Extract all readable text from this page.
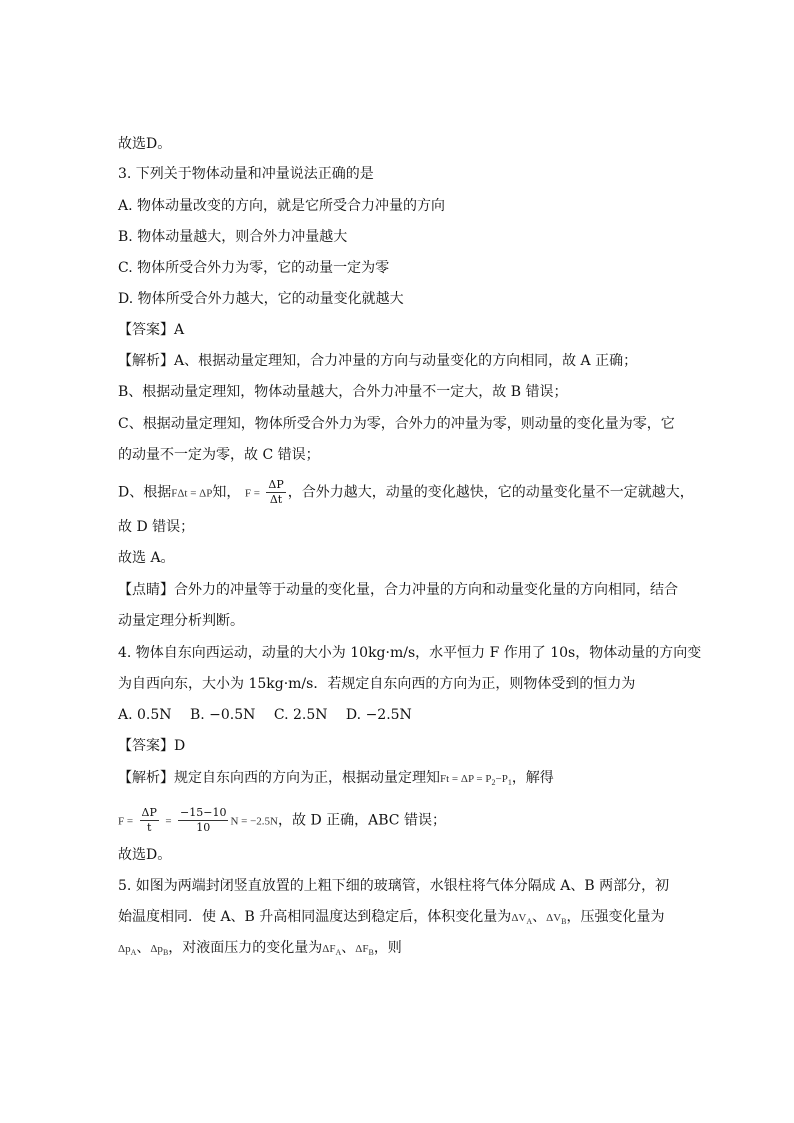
故选D。
3. 下列关于物体动量和冲量说法正确的是
A. 物体动量改变的方向，就是它所受合力冲量的方向
B. 物体动量越大，则合外力冲量越大
C. 物体所受合外力为零，它的动量一定为零
D. 物体所受合外力越大，它的动量变化就越大
【答案】A
【解析】A、根据动量定理知，合力冲量的方向与动量变化的方向相同，故 A 正确；
B、根据动量定理知，物体动量越大，合外力冲量不一定大，故 B 错误；
C、根据动量定理知，物体所受合外力为零，合外力的冲量为零，则动量的变化量为零，它
的动量不一定为零，故 C 错误；
D、根据FΔt = ΔP知， $F = \frac{\Delta P}{\Delta t}$ ，合外力越大，动量的变化越快，它的动量变化量不一定就越大，
故 D 错误；
故选 A。
【点睛】合外力的冲量等于动量的变化量，合力冲量的方向和动量变化量的方向相同，结合
动量定理分析判断。
4. 物体自东向西运动，动量的大小为 10kg·m/s，水平恒力 F 作用了 10s，物体动量的方向变
为自西向东，大小为 15kg·m/s．若规定自东向西的方向为正，则物体受到的恒力为
A. 0.5N　 B. −0.5N　 C. 2.5N　 D. −2.5N
【答案】D
【解析】规定自东向西的方向为正，根据动量定理知$Ft = \Delta P = P_2-P_1$，解得
$F = \frac{\Delta P}{t} = \frac{-15-10}{10}$ N = −2.5N，故 D 正确，ABC 错误；
故选D。
5. 如图为两端封闭竖直放置的上粗下细的玻璃管，水银柱将气体分隔成 A、B 两部分，初
始温度相同．使 A、B 升高相同温度达到稳定后，体积变化量为$\Delta V_A$、$\Delta V_B$，压强变化量为
$\Delta p_A$、$\Delta p_B$，对液面压力的变化量为$\Delta F_A$、$\Delta F_B$，则
